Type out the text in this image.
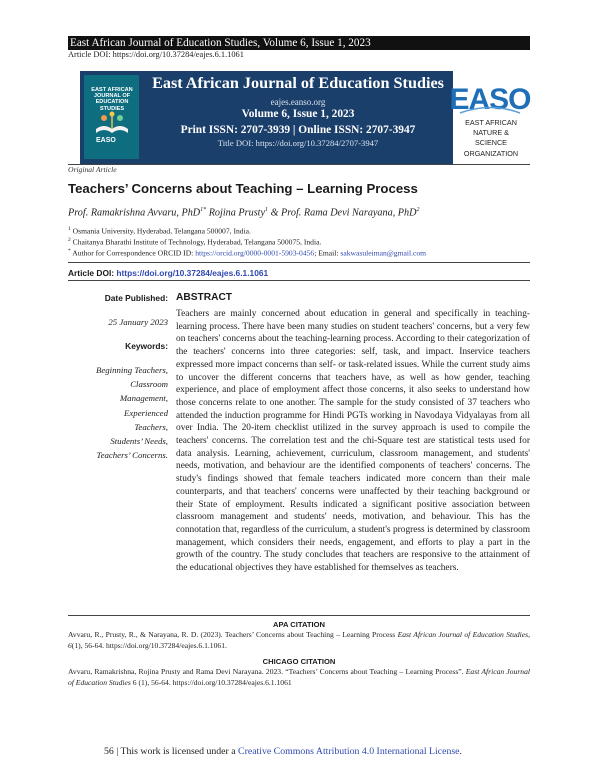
East African Journal of Education Studies, Volume 6, Issue 1, 2023
Article DOI: https://doi.org/10.37284/eajes.6.1.1061
EAST AFRICAN JOURNAL OF EDUCATION STUDIES
EASO
East African Journal of Education Studies
eajes.eanso.org
Volume 6, Issue 1, 2023
Print ISSN: 2707-3939 | Online ISSN: 2707-3947
Title DOI: https://doi.org/10.37284/2707-3947
EASO
EAST AFRICAN
NATURE &
SCIENCE
ORGANIZATION
Original Article
Teachers’ Concerns about Teaching – Learning Process
Prof. Ramakrishna Avvaru, PhD$^{1*}$ Rojina Prusty$^1$ & Prof. Rama Devi Narayana, PhD$^2$
$^1$ Osmania University, Hyderabad, Telangana 500007, India.
$^2$ Chaitanya Bharathi Institute of Technology, Hyderabad, Telangana 500075, India.
* Author for Correspondence ORCID ID: https://orcid.org/0000-0001-5903-0456; Email: sakwasuleiman@gmail.com
Article DOI: https://doi.org/10.37284/eajes.6.1.1061
Date Published:
25 January 2023
Keywords:
Beginning Teachers,
Classroom
Management,
Experienced
Teachers,
Students’ Needs,
Teachers’ Concerns.
ABSTRACT
Teachers are mainly concerned about education in general and specifically in teaching-learning process. There have been many studies on student teachers' concerns, but a very few on teachers' concerns about the teaching-learning process. According to their categorization of the teachers' concerns into three categories: self, task, and impact. Inservice teachers expressed more impact concerns than self- or task-related issues. While the current study aims to uncover the different concerns that teachers have, as well as how gender, teaching experience, and place of employment affect those concerns, it also seeks to understand how those concerns relate to one another. The sample for the study consisted of 37 teachers who attended the induction programme for Hindi PGTs working in Navodaya Vidyalayas from all over India. The 20-item checklist utilized in the survey approach is used to compile the teachers' concerns. The correlation test and the chi-Square test are statistical tests used for data analysis. Learning, achievement, curriculum, classroom management, and students' needs, motivation, and behaviour are the identified components of teachers' concerns. The study's findings showed that female teachers indicated more concern than their male counterparts, and that teachers' concerns were unaffected by their teaching background or their State of employment. Results indicated a significant positive association between classroom management and students' needs, motivation, and behaviour. This has the connotation that, regardless of the curriculum, a student's progress is determined by classroom management, which considers their needs, engagement, and efforts to play a part in the growth of the country. The study concludes that teachers are responsive to the attainment of the educational objectives they have established for themselves as teachers.
APA CITATION
Avvaru, R., Prusty, R., & Narayana, R. D. (2023). Teachers’ Concerns about Teaching – Learning Process East African Journal of Education Studies, 6(1), 56-64. https://doi.org/10.37284/eajes.6.1.1061.
CHICAGO CITATION
Avvaru, Ramakrishna, Rojina Prusty and Rama Devi Narayana. 2023. “Teachers’ Concerns about Teaching – Learning Process”. East African Journal of Education Studies 6 (1), 56-64. https://doi.org/10.37284/eajes.6.1.1061
56 | This work is licensed under a Creative Commons Attribution 4.0 International License.
